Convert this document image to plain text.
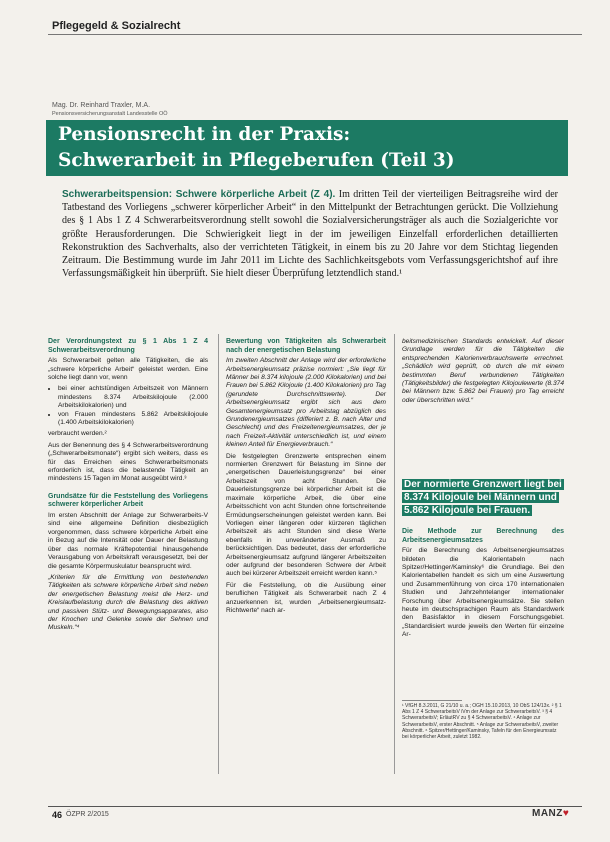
Pflegegeld & Sozialrecht
Mag. Dr. Reinhard Traxler, M.A.
Pensionsversicherungsanstalt Landesstelle OÖ
Pensionsrecht in der Praxis:
Schwerarbeit in Pflegeberufen (Teil 3)
Schwerarbeitspension: Schwere körperliche Arbeit (Z 4). Im dritten Teil der vierteiligen Beitragsreihe wird der Tatbestand des Vorliegens „schwerer körperlicher Arbeit“ in den Mittelpunkt der Betrachtungen gerückt. Die Vollziehung des § 1 Abs 1 Z 4 Schwerarbeitsverordnung stellt sowohl die Sozialversicherungsträger als auch die Sozialgerichte vor größte Herausforderungen. Die Schwierigkeit liegt in der im jeweiligen Einzelfall erforderlichen detaillierten Rekonstruktion des Sachverhalts, also der verrichteten Tätigkeit, in einem bis zu 20 Jahre vor dem Stichtag liegenden Zeitraum. Die Bestimmung wurde im Jahr 2011 im Lichte des Sachlichkeitsgebots vom Verfassungsgerichtshof auf ihre Verfassungsmäßigkeit hin überprüft. Sie hielt dieser Überprüfung letztendlich stand.¹
Der Verordnungstext zu § 1 Abs 1 Z 4 Schwerarbeitsverordnung

Als Schwerarbeit gelten alle Tätigkeiten, die als „schwere körperliche Arbeit“ geleistet werden. Eine solche liegt dann vor, wenn

• bei einer achtstündigen Arbeitszeit von Männern mindestens 8.374 Arbeitskilojoule (2.000 Arbeitskilokalorien) und
• von Frauen mindestens 5.862 Arbeitskilojoule (1.400 Arbeitskilokalorien)

verbraucht werden.²

Aus der Benennung des § 4 Schwerarbeitsverordnung („Schwerarbeitsmonate“) ergibt sich weiters, dass es für das Erreichen eines Schwerarbeitsmonats erforderlich ist, dass die belastende Tätigkeit an mindestens 15 Tagen im Monat ausgeübt wird.³

Grundsätze für die Feststellung des Vorliegens schwerer körperlicher Arbeit

Im ersten Abschnitt der Anlage zur Schwerarbeits-V sind eine allgemeine Definition diesbezüglich vorgenommen, dass schwere körperliche Arbeit eine in Bezug auf die Intensität oder Dauer der Belastung über das normale Kräftepotential hinausgehende Verausgabung von Arbeitskraft verausgesetzt, bei der die gesamte Körpermuskulatur beansprucht wird.

„Kriterien für die Ermittlung von bestehenden Tätigkeiten als schwere körperliche Arbeit sind neben der energetischen Belastung meist die Herz- und Kreislaufbelastung durch die Belastung des aktiven und passiven Stütz- und Bewegungsapparates, also der Knochen und Gelenke sowie der Sehnen und Muskeln.“⁴

Bewertung von Tätigkeiten als Schwerarbeit nach der energetischen Belastung

Im zweiten Abschnitt der Anlage wird der erforderliche Arbeitsenergieumsatz präzise normiert: „Sie liegt für Männer bei 8.374 kilojoule (2.000 Kilokalorien) und bei Frauen bei 5.862 Kilojoule (1.400 Kilokalorien) pro Tag (gerundete Durchschnittswerte). Der Arbeitsenergieumsatz ergibt sich aus dem Gesamtenergieumsatz pro Arbeitstag abzüglich des Grundenergieumsatzes (differiert z. B. nach Alter und Geschlecht) und des Freizeitenergieumsatzes, der je nach Freizeit-Aktivität unterschiedlich ist, und einem kleinen Anteil für Energieverbrauch.“

Die festgelegten Grenzwerte entsprechen einem normierten Grenzwert für Belastung im Sinne der „energetischen Dauerleistungsgrenze“ bei einer Arbeitszeit von acht Stunden. Die Dauerleistungsgrenze bei körperlicher Arbeit ist die maximale körperliche Arbeit, die über eine Arbeitsschicht von acht Stunden ohne fortschreitende Ermüdungserscheinungen geleistet werden kann. Bei Vorliegen einer längeren oder kürzeren täglichen Arbeitszeit als acht Stunden sind diese Werte ebenfalls in unveränderter Ausmaß zu berücksichtigen. Das bedeutet, dass der erforderliche Arbeitsenergieumsatz aufgrund längerer Arbeitszeiten oder aufgrund der besonderen Schwere der Arbeit auch bei kürzerer Arbeitszeit erreicht werden kann.⁵

Für die Feststellung, ob die Ausübung einer beruflichen Tätigkeit als Schwerarbeit nach Z 4 anzuerkennen ist, wurden „Arbeitsenergieumsatz-Richtwerte“ nach ar-

beitsmedizinischen Standards entwickelt. Auf dieser Grundlage werden für die Tätigkeiten die entsprechenden Kalorienverbrauchswerte errechnet. „Schädlich wird geprüft, ob durch die mit einem bestimmten Beruf verbundenen Tätigkeiten (Tätigkeitsbilder) die festgelegten Kilojoulewerte (8.374 bei Männern bzw. 5.862 bei Frauen) pro Tag erreicht oder überschritten wird.“

Der normierte Grenzwert liegt bei 8.374 Kilojoule bei Männern und 5.862 Kilojoule bei Frauen.
Die Methode zur Berechnung des Arbeitsenergieumsatzes

Für die Berechnung des Arbeitsenergieumsatzes bildeten die Kalorientabeln nach Spitzer/Hettinger/Kaminsky⁶ die Grundlage. Bei den Kalorientabellen handelt es sich um eine Auswertung und Zusammenführung von circa 170 internationalen Studien und Jahrzehntelanger internationaler Forschung über Arbeitsenergieumsätze. Sie stellen heute im deutschsprachigen Raum als Standardwerk den Basisfaktor in diesem Forschungsgebiet. „Standardisiert wurde jeweils den Werten für einzelne Ar-

¹ VfGH 8.3.2011, G 21/10 u. a.; OGH 15.10.2013, 10 ObS 124/13x. ² § 1 Abs 1 Z 4 SchwerarbeitsV iVm der Anlage zur SchwerarbeitsV. ³ § 4 SchwerarbeitsV; ErläutRV zu § 4 SchwerarbeitsV. ⁴ Anlage zur SchwerarbeitsV, erster Abschnitt. ⁵ Anlage zur SchwerarbeitsV, zweiter Abschnitt. ⁶ Spitzer/Hettinger/Kaminsky, Tafeln für den Energieumsatz bei körperlicher Arbeit, zuletzt 1982.
46 ÖZPR 2/2015	MANZ♥
